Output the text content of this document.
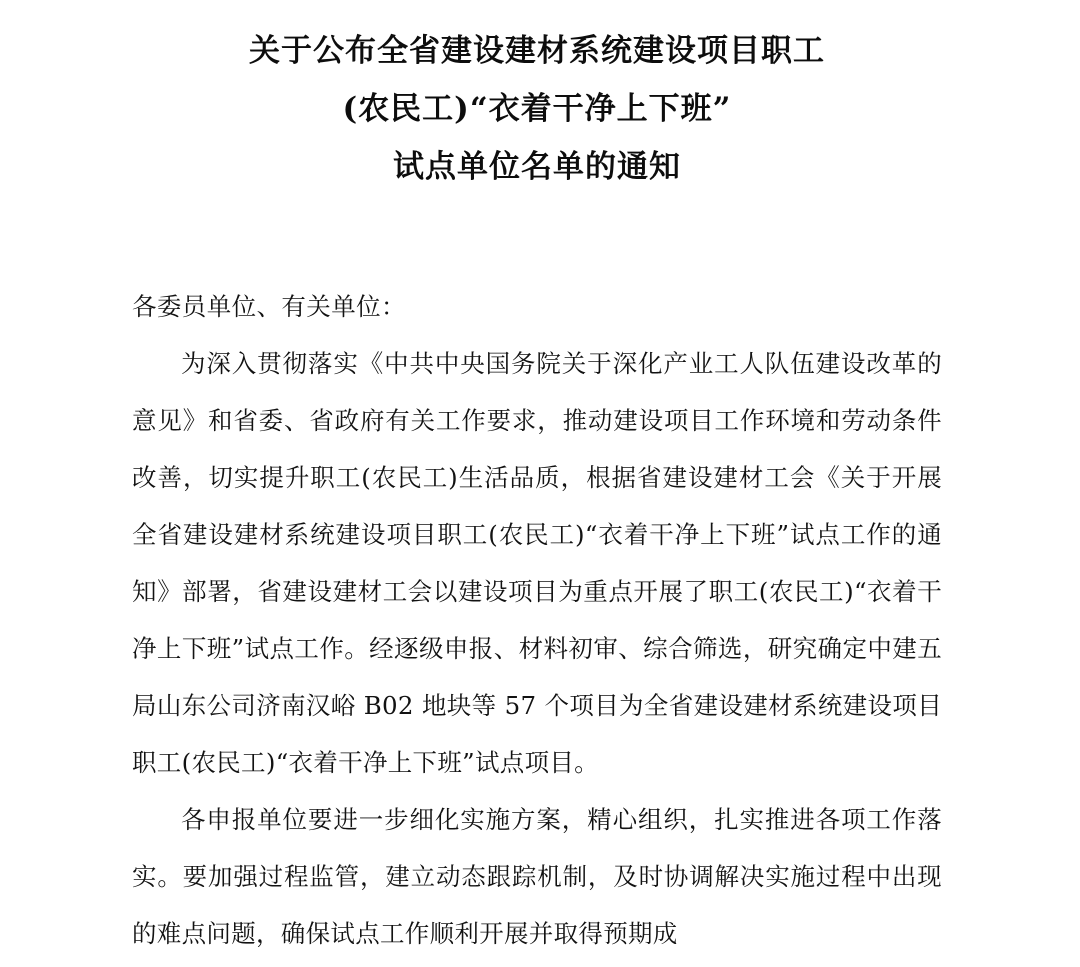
关于公布全省建设建材系统建设项目职工
(农民工)“衣着干净上下班”
试点单位名单的通知
各委员单位、有关单位：

为深入贯彻落实《中共中央国务院关于深化产业工人队伍建设改革的意见》和省委、省政府有关工作要求，推动建设项目工作环境和劳动条件改善，切实提升职工(农民工)生活品质，根据省建设建材工会《关于开展全省建设建材系统建设项目职工(农民工)“衣着干净上下班”试点工作的通知》部署，省建设建材工会以建设项目为重点开展了职工(农民工)“衣着干净上下班”试点工作。经逐级申报、材料初审、综合筛选，研究确定中建五局山东公司济南汉峪 B02 地块等 57 个项目为全省建设建材系统建设项目职工(农民工)“衣着干净上下班”试点项目。

各申报单位要进一步细化实施方案，精心组织，扎实推进各项工作落实。要加强过程监管，建立动态跟踪机制，及时协调解决实施过程中出现的难点问题，确保试点工作顺利开展并取得预期成
